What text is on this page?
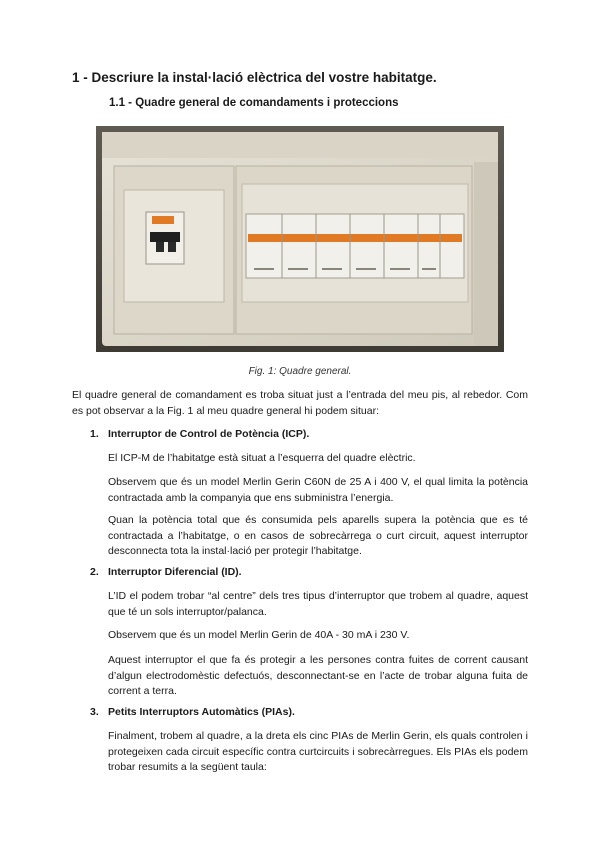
1 - Descriure la instal·lació elèctrica del vostre habitatge.
1.1 - Quadre general de comandaments i proteccions
Fig. 1: Quadre general.
El quadre general de comandament es troba situat just a l’entrada del meu pis, al rebedor. Com es pot observar a la Fig. 1 al meu quadre general hi podem situar:
1. Interruptor de Control de Potència (ICP).
El ICP-M de l’habitatge està situat a l’esquerra del quadre elèctric.
Observem que és un model Merlin Gerin C60N de 25 A i 400 V, el qual limita la potència contractada amb la companyia que ens subministra l’energia.
Quan la potència total que és consumida pels aparells supera la potència que es té contractada a l’habitatge, o en casos de sobrecàrrega o curt circuit, aquest interruptor desconnecta tota la instal·lació per protegir l’habitatge.
2. Interruptor Diferencial (ID).
L’ID el podem trobar “al centre” dels tres tipus d’interruptor que trobem al quadre, aquest que té un sols interruptor/palanca.
Observem que és un model Merlin Gerin de 40A - 30 mA i 230 V.
Aquest interruptor el que fa és protegir a les persones contra fuites de corrent causant d’algun electrodomèstic defectuós, desconnectant-se en l’acte de trobar alguna fuita de corrent a terra.
3. Petits Interruptors Automàtics (PIAs).
Finalment, trobem al quadre, a la dreta els cinc PIAs de Merlin Gerin, els quals controlen i protegeixen cada circuit específic contra curtcircuits i sobrecàrregues. Els PIAs els podem trobar resumits a la següent taula:
